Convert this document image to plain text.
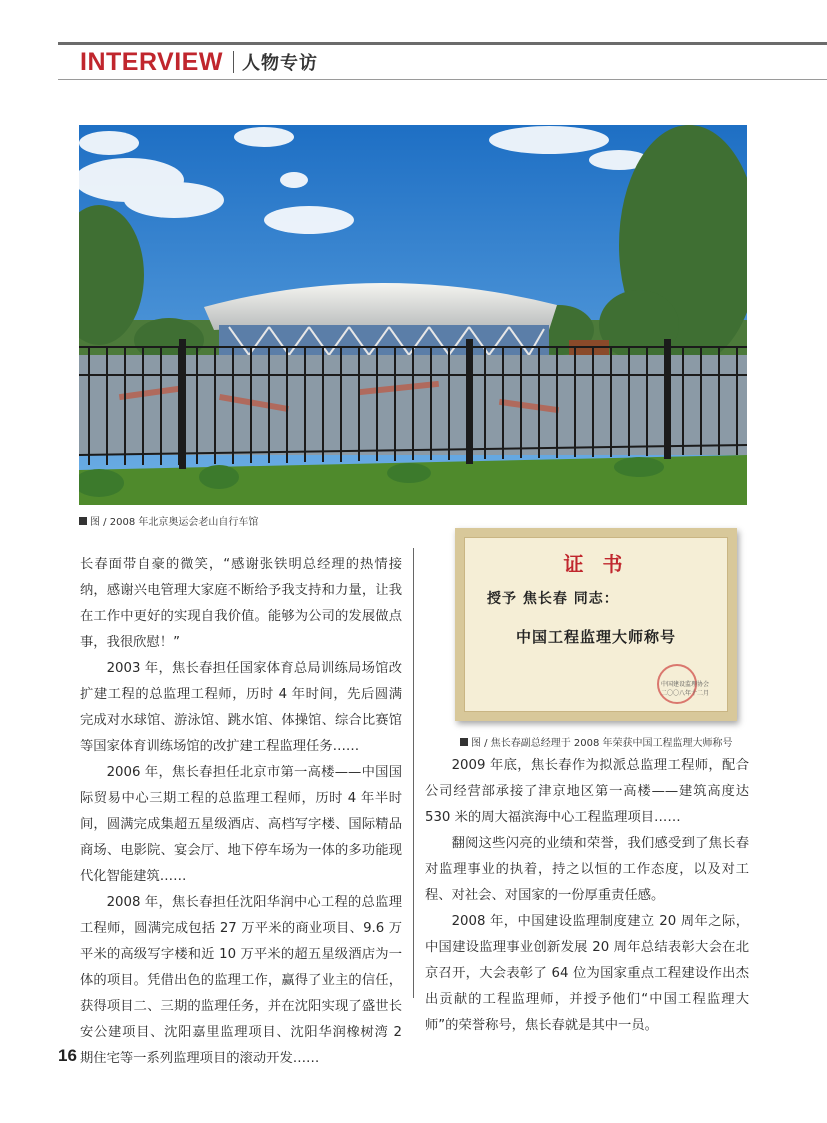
INTERVIEW 人物专访
图 / 2008 年北京奥运会老山自行车馆

长春面带自豪的微笑，“感谢张铁明总经理的热情接纳，感谢兴电管理大家庭不断给予我支持和力量，让我在工作中更好的实现自我价值。能够为公司的发展做点事，我很欣慰！”

2003 年，焦长春担任国家体育总局训练局场馆改扩建工程的总监理工程师，历时 4 年时间，先后圆满完成对水球馆、游泳馆、跳水馆、体操馆、综合比赛馆等国家体育训练场馆的改扩建工程监理任务……

2006 年，焦长春担任北京市第一高楼——中国国际贸易中心三期工程的总监理工程师，历时 4 年半时间，圆满完成集超五星级酒店、高档写字楼、国际精品商场、电影院、宴会厅、地下停车场为一体的多功能现代化智能建筑……

2008 年，焦长春担任沈阳华润中心工程的总监理工程师，圆满完成包括 27 万平米的商业项目、9.6 万平米的高级写字楼和近 10 万平米的超五星级酒店为一体的项目。凭借出色的监理工作，赢得了业主的信任，获得项目二、三期的监理任务，并在沈阳实现了盛世长安公建项目、沈阳嘉里监理项目、沈阳华润橡树湾 2 期住宅等一系列监理项目的滚动开发……

证 书
授予 焦长春 同志：
中国工程监理大师称号
中国建设监理协会
二〇〇八年十二月
图 / 焦长春副总经理于 2008 年荣获中国工程监理大师称号

2009 年底，焦长春作为拟派总监理工程师，配合公司经营部承接了津京地区第一高楼——建筑高度达 530 米的周大福滨海中心工程监理项目……

翻阅这些闪亮的业绩和荣誉，我们感受到了焦长春对监理事业的执着，持之以恒的工作态度，以及对工程、对社会、对国家的一份厚重责任感。

2008 年，中国建设监理制度建立 20 周年之际，中国建设监理事业创新发展 20 周年总结表彰大会在北京召开，大会表彰了 64 位为国家重点工程建设作出杰出贡献的工程监理师，并授予他们“中国工程监理大师”的荣誉称号，焦长春就是其中一员。

16
